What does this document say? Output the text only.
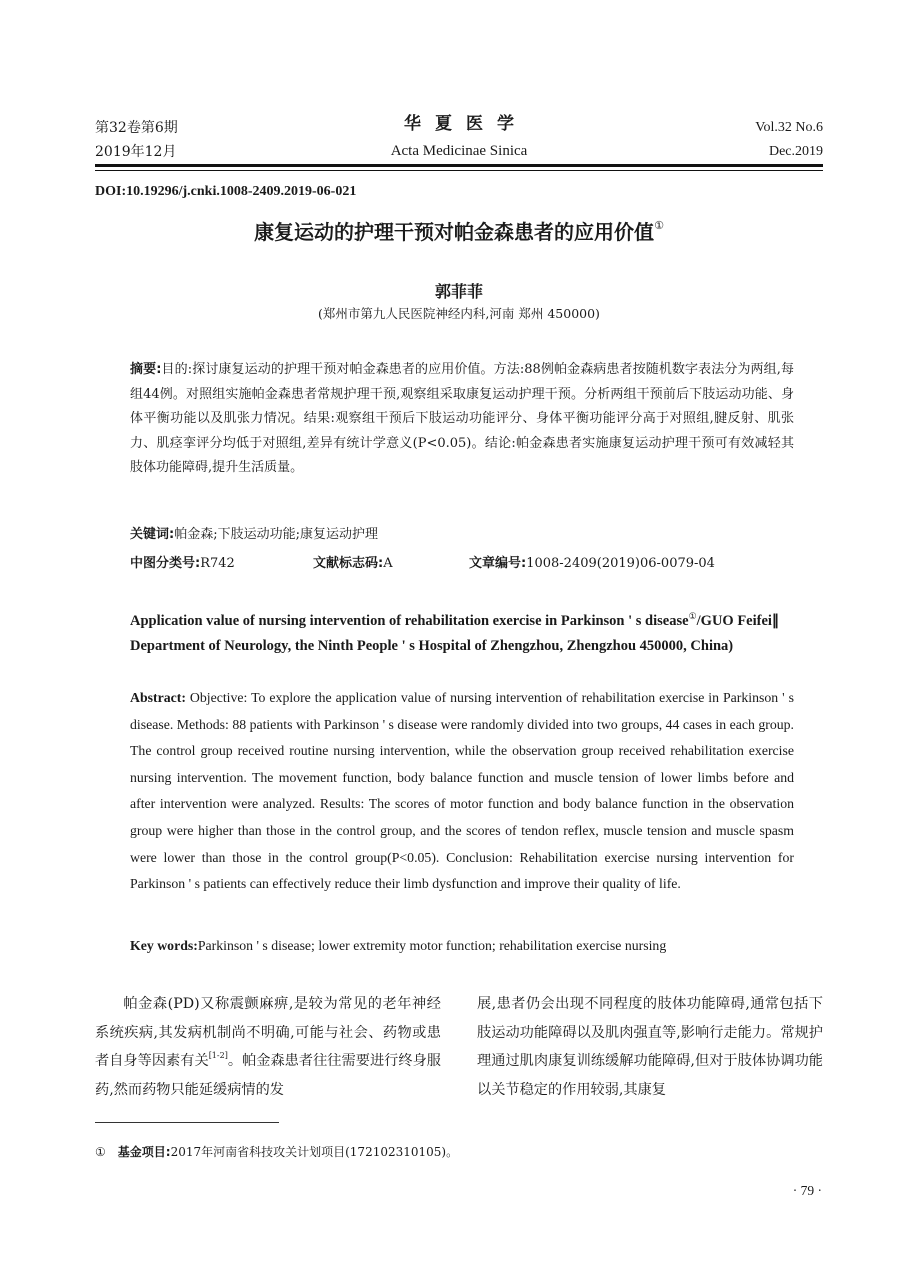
第32卷第6期
2019年12月
华夏医学
Acta Medicinae Sinica
Vol.32 No.6
Dec.2019
DOI:10.19296/j.cnki.1008-2409.2019-06-021
康复运动的护理干预对帕金森患者的应用价值①
郭菲菲
(郑州市第九人民医院神经内科,河南 郑州 450000)
摘要:目的:探讨康复运动的护理干预对帕金森患者的应用价值。方法:88例帕金森病患者按随机数字表法分为两组,每组44例。对照组实施帕金森患者常规护理干预,观察组采取康复运动护理干预。分析两组干预前后下肢运动功能、身体平衡功能以及肌张力情况。结果:观察组干预后下肢运动功能评分、身体平衡功能评分高于对照组,腱反射、肌张力、肌痉挛评分均低于对照组,差异有统计学意义(P<0.05)。结论:帕金森患者实施康复运动护理干预可有效减轻其肢体功能障碍,提升生活质量。
关键词:帕金森;下肢运动功能;康复运动护理
中图分类号:R742	文献标志码:A	文章编号:1008-2409(2019)06-0079-04
Application value of nursing intervention of rehabilitation exercise in Parkinson ' s disease①/GUO Feifei∥ Department of Neurology, the Ninth People ' s Hospital of Zhengzhou, Zhengzhou 450000, China)
Abstract: Objective: To explore the application value of nursing intervention of rehabilitation exercise in Parkinson ' s disease. Methods: 88 patients with Parkinson ' s disease were randomly divided into two groups, 44 cases in each group. The control group received routine nursing intervention, while the observation group received rehabilitation exercise nursing intervention. The movement function, body balance function and muscle tension of lower limbs before and after intervention were analyzed. Results: The scores of motor function and body balance function in the observation group were higher than those in the control group, and the scores of tendon reflex, muscle tension and muscle spasm were lower than those in the control group(P<0.05). Conclusion: Rehabilitation exercise nursing intervention for Parkinson ' s patients can effectively reduce their limb dysfunction and improve their quality of life.
Key words:Parkinson ' s disease; lower extremity motor function; rehabilitation exercise nursing
帕金森(PD)又称震颤麻痹,是较为常见的老年神经系统疾病,其发病机制尚不明确,可能与社会、药物或患者自身等因素有关[1-2]。帕金森患者往往需要进行终身服药,然而药物只能延缓病情的发
展,患者仍会出现不同程度的肢体功能障碍,通常包括下肢运动功能障碍以及肌肉强直等,影响行走能力。常规护理通过肌肉康复训练缓解功能障碍,但对于肢体协调功能以关节稳定的作用较弱,其康复
① 基金项目:2017年河南省科技攻关计划项目(172102310105)。
· 79 ·
